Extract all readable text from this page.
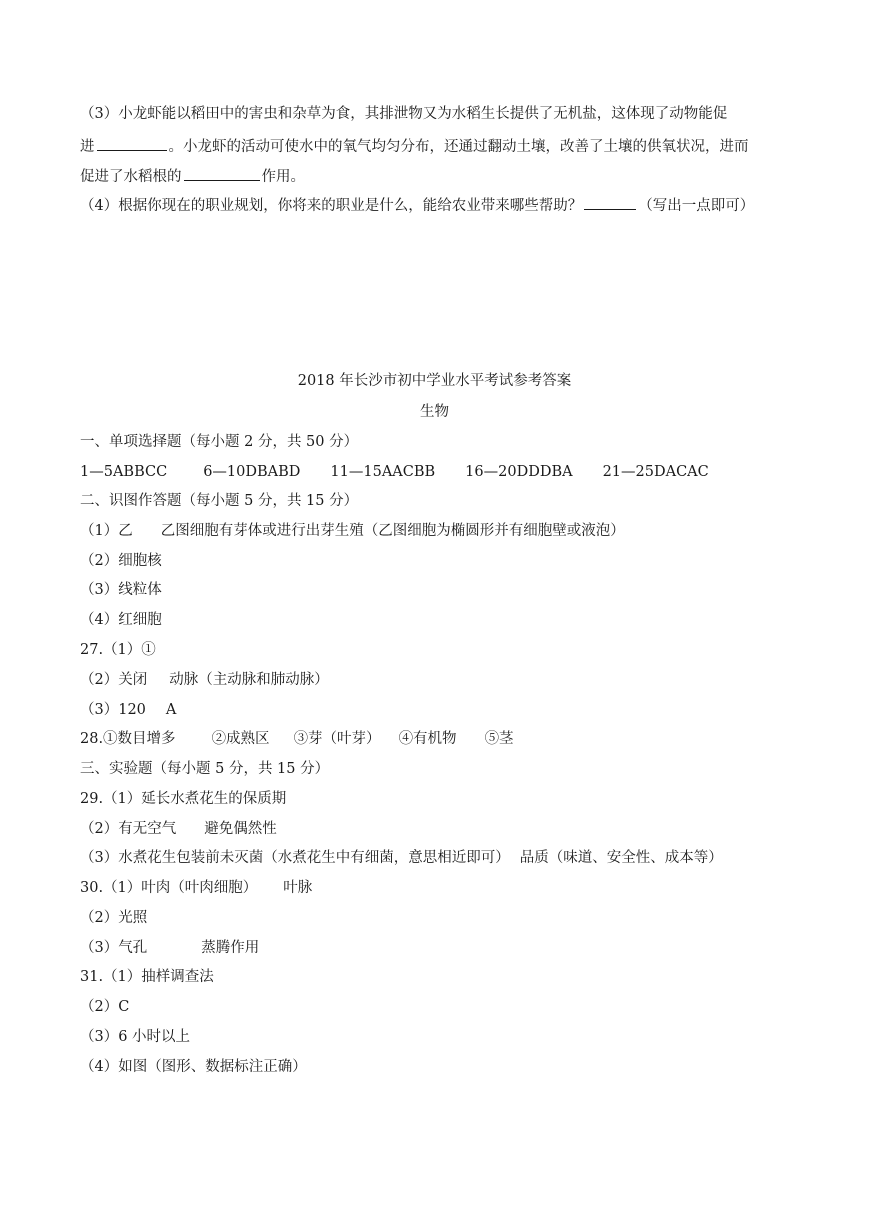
（3）小龙虾能以稻田中的害虫和杂草为食，其排泄物又为水稻生长提供了无机盐，这体现了动物能促
进	。小龙虾的活动可使水中的氧气均匀分布，还通过翻动土壤，改善了土壤的供氧状况，进而
促进了水稻根的	作用。
（4）根据你现在的职业规划，你将来的职业是什么，能给农业带来哪些帮助？	（写出一点即可）
2018 年长沙市初中学业水平考试参考答案
生物
一、单项选择题（每小题 2 分，共 50 分）
1—5ABBCC 6—10DBABD 11—15AACBB 16—20DDDBA 21—25DACAC
二、识图作答题（每小题 5 分，共 15 分）
（1）乙 乙图细胞有芽体或进行出芽生殖（乙图细胞为椭圆形并有细胞壁或液泡）
（2）细胞核
（3）线粒体
（4）红细胞
27.（1）①
（2）关闭 动脉（主动脉和肺动脉）
（3）120 A
28.①数目增多 ②成熟区 ③芽（叶芽） ④有机物 ⑤茎
三、实验题（每小题 5 分，共 15 分）
29.（1）延长水煮花生的保质期
（2）有无空气 避免偶然性
（3）水煮花生包装前未灭菌（水煮花生中有细菌，意思相近即可） 品质（味道、安全性、成本等）
30.（1）叶肉（叶肉细胞） 叶脉
（2）光照
（3）气孔	蒸腾作用
31.（1）抽样调查法
（2）C
（3）6 小时以上
（4）如图（图形、数据标注正确）
